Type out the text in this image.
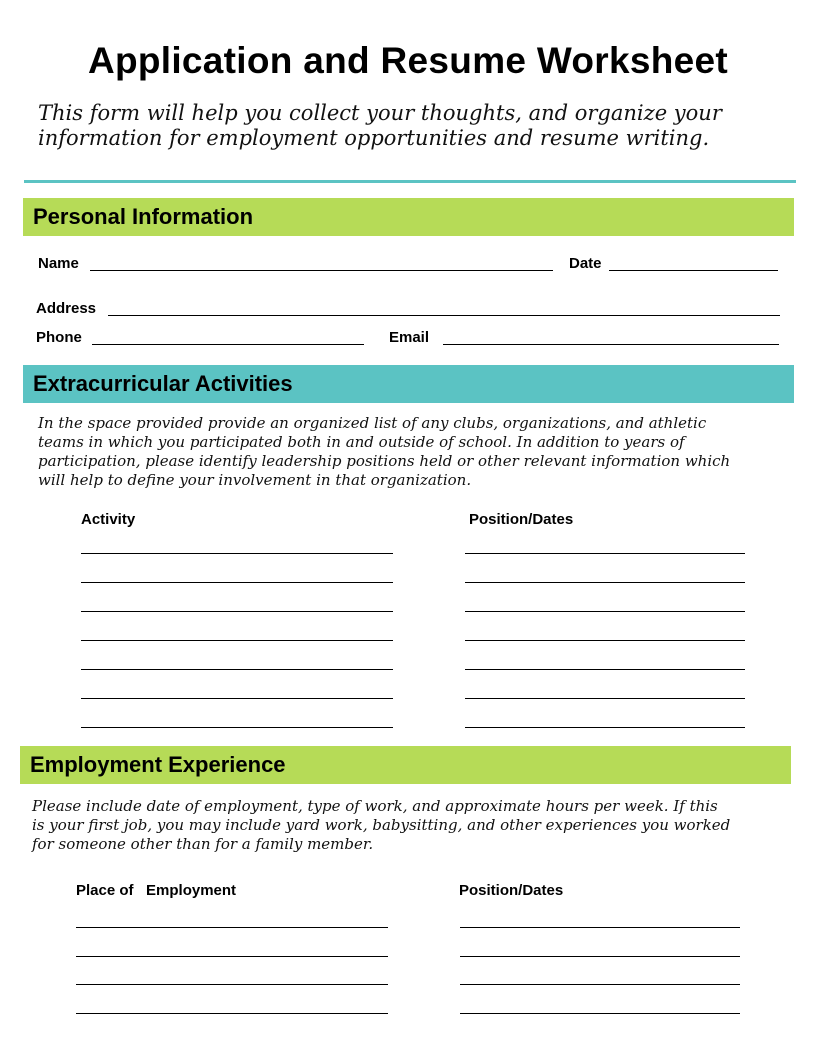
Application and Resume Worksheet
This form will help you collect your thoughts, and organize your
information for employment opportunities and resume writing.
Personal Information
Name	Date
Address
Phone	Email
Extracurricular Activities
In the space provided provide an organized list of any clubs, organizations, and athletic
teams in which you participated both in and outside of school. In addition to years of
participation, please identify leadership positions held or other relevant information which
will help to define your involvement in that organization.
Activity	Position/Dates
Employment Experience
Please include date of employment, type of work, and approximate hours per week. If this
is your first job, you may include yard work, babysitting, and other experiences you worked
for someone other than for a family member.
Place of   Employment	Position/Dates
